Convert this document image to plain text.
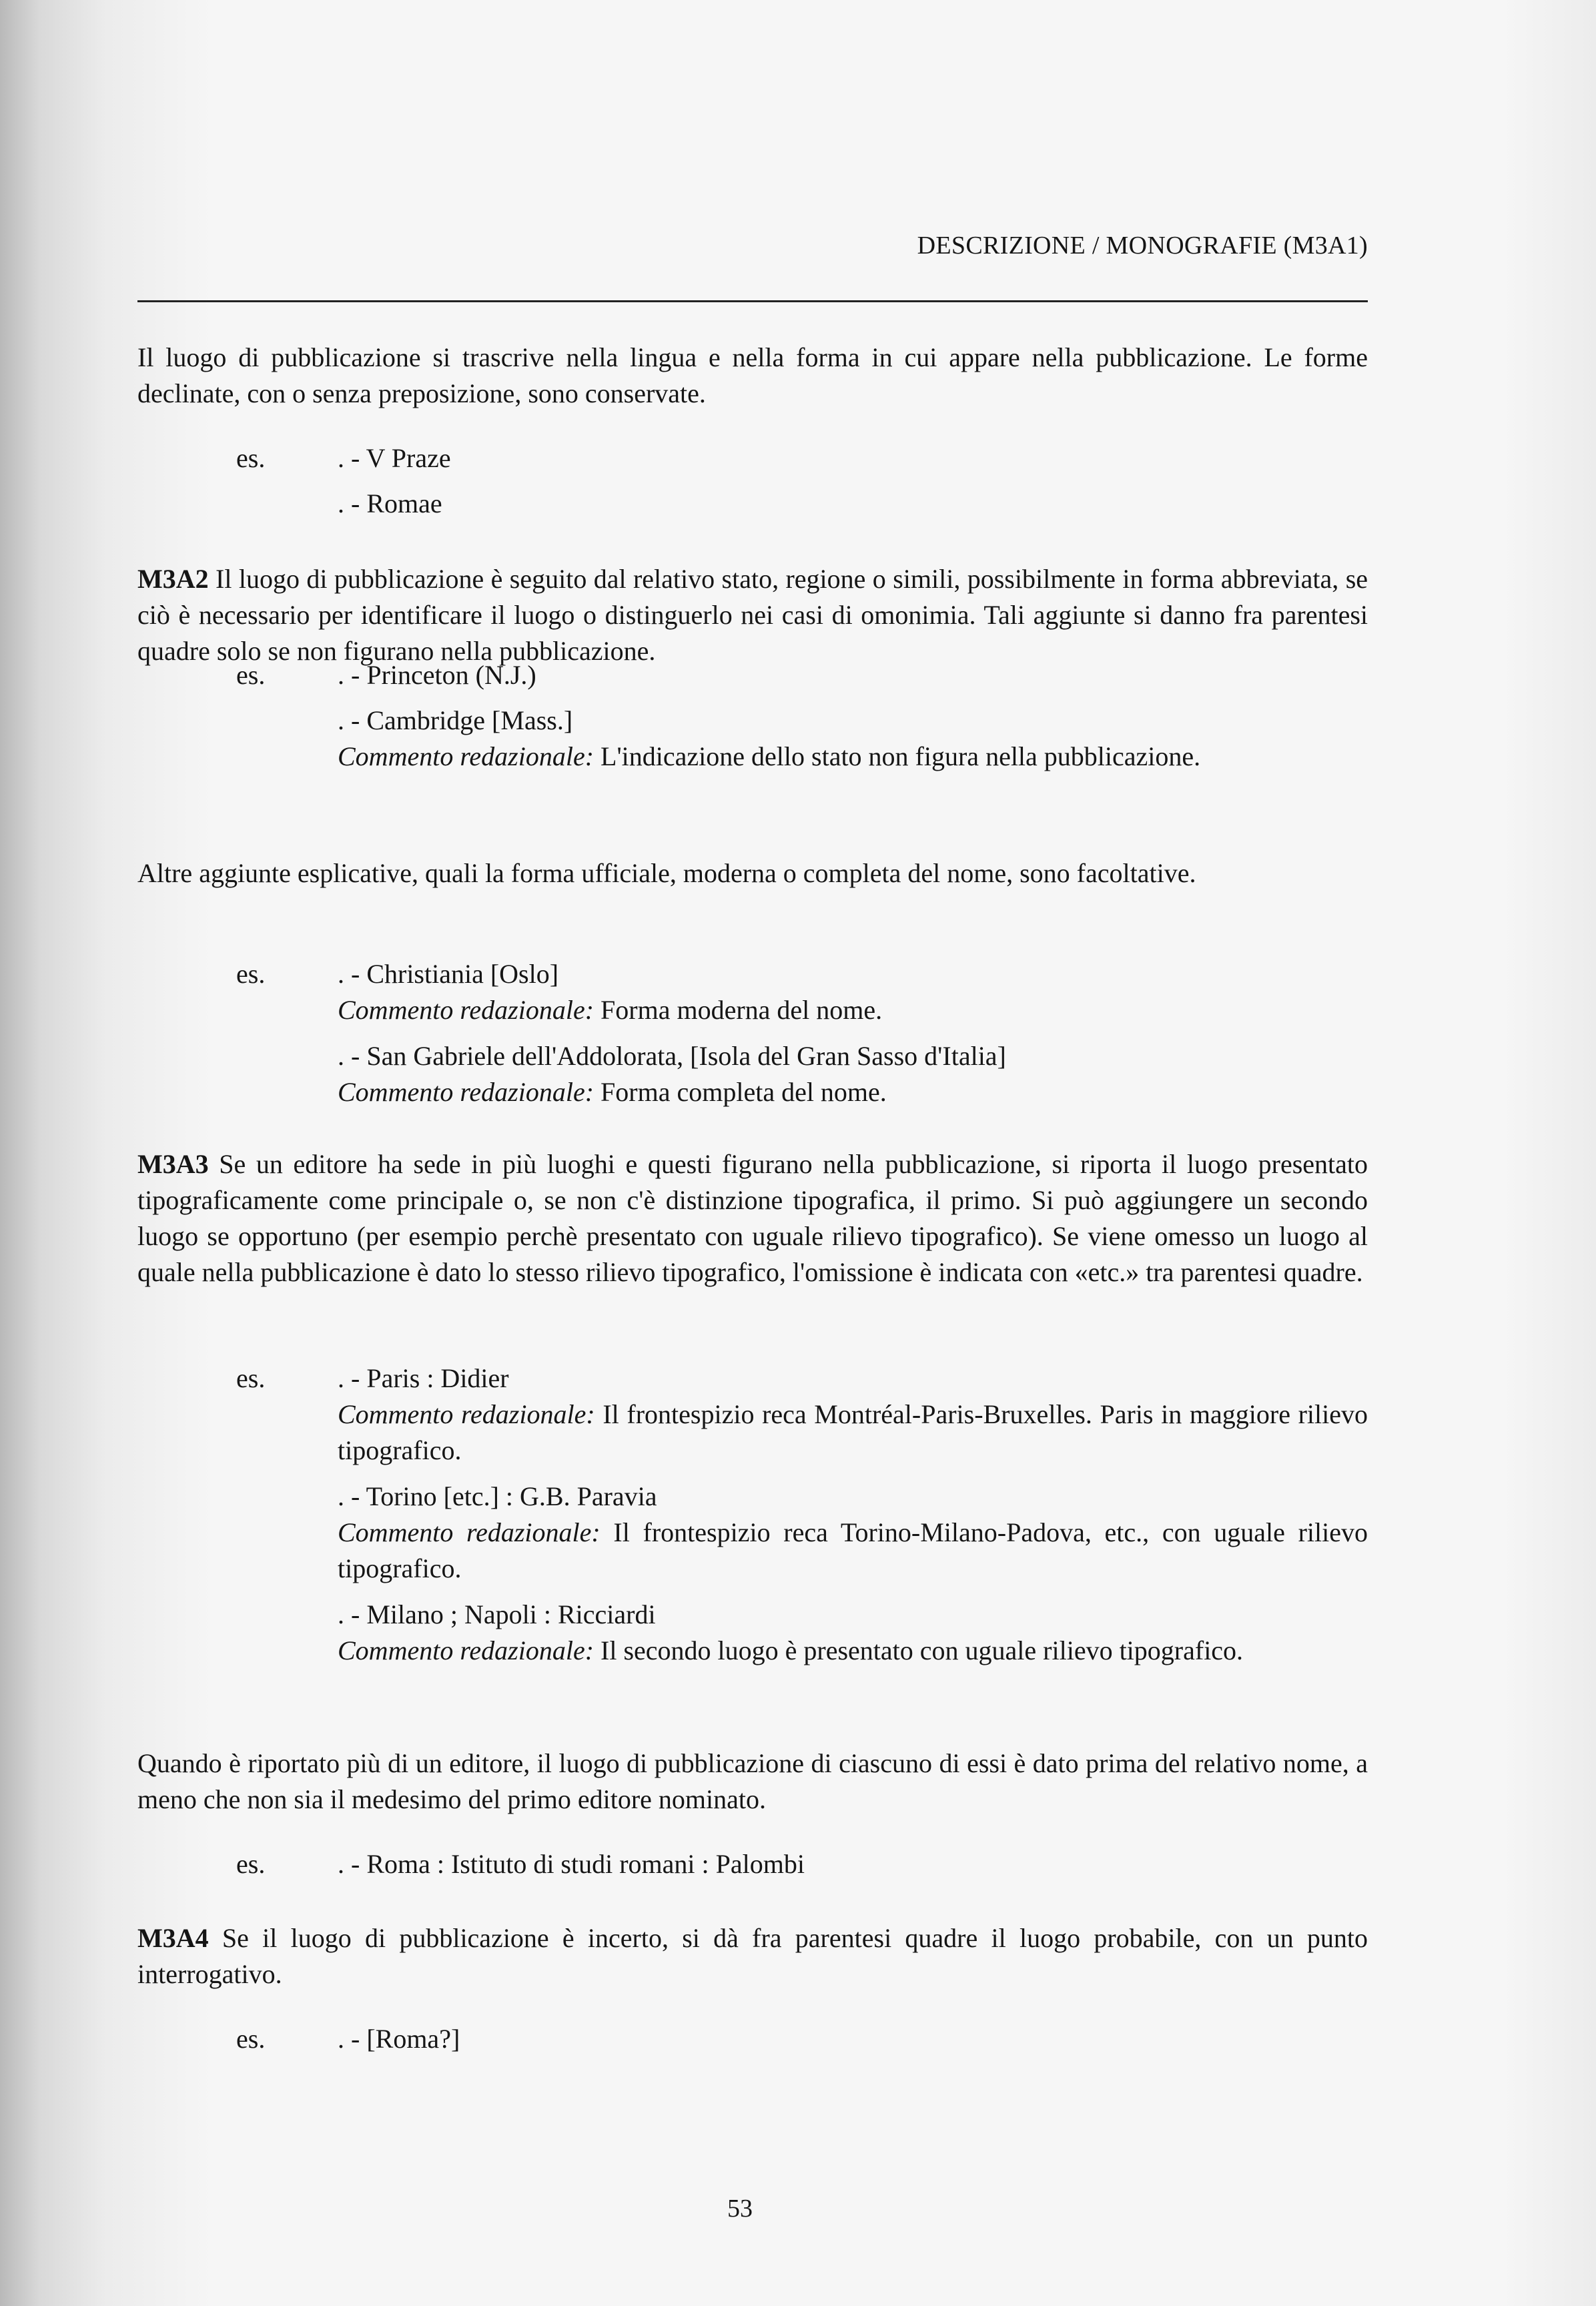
DESCRIZIONE / MONOGRAFIE (M3A1)

Il luogo di pubblicazione si trascrive nella lingua e nella forma in cui appare nella pubblicazione. Le forme declinate, con o senza preposizione, sono conservate.

es.	. - V Praze
. - Romae

M3A2 Il luogo di pubblicazione è seguito dal relativo stato, regione o simili, possibilmente in forma abbreviata, se ciò è necessario per identificare il luogo o distinguerlo nei casi di omonimia. Tali aggiunte si danno fra parentesi quadre solo se non figurano nella pubblicazione.

es.	. - Princeton (N.J.)
. - Cambridge [Mass.]
Commento redazionale: L'indicazione dello stato non figura nella pubblicazione.

Altre aggiunte esplicative, quali la forma ufficiale, moderna o completa del nome, sono facoltative.

es.	. - Christiania [Oslo]
Commento redazionale: Forma moderna del nome.
. - San Gabriele dell'Addolorata, [Isola del Gran Sasso d'Italia]
Commento redazionale: Forma completa del nome.

M3A3 Se un editore ha sede in più luoghi e questi figurano nella pubblicazione, si riporta il luogo presentato tipograficamente come principale o, se non c'è distinzione tipografica, il primo. Si può aggiungere un secondo luogo se opportuno (per esempio perchè presentato con uguale rilievo tipografico). Se viene omesso un luogo al quale nella pubblicazione è dato lo stesso rilievo tipografico, l'omissione è indicata con «etc.» tra parentesi quadre.

es.	. - Paris : Didier
Commento redazionale: Il frontespizio reca Montréal-Paris-Bruxelles. Paris in maggiore rilievo tipografico.
. - Torino [etc.] : G.B. Paravia
Commento redazionale: Il frontespizio reca Torino-Milano-Padova, etc., con uguale rilievo tipografico.
. - Milano ; Napoli : Ricciardi
Commento redazionale: Il secondo luogo è presentato con uguale rilievo tipografico.

Quando è riportato più di un editore, il luogo di pubblicazione di ciascuno di essi è dato prima del relativo nome, a meno che non sia il medesimo del primo editore nominato.

es.	. - Roma : Istituto di studi romani : Palombi

M3A4 Se il luogo di pubblicazione è incerto, si dà fra parentesi quadre il luogo probabile, con un punto interrogativo.

es.	. - [Roma?]
53
